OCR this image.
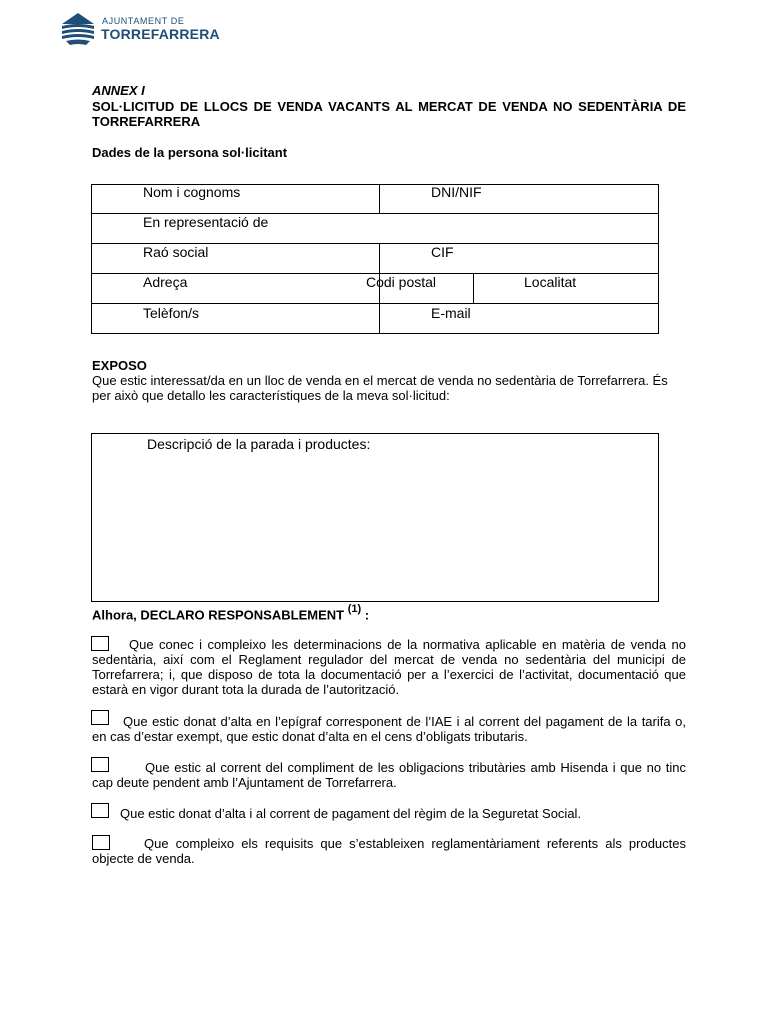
AJUNTAMENT DE
TORREFARRERA
ANNEX I
SOL·LICITUD DE LLOCS DE VENDA VACANTS AL MERCAT DE VENDA NO SEDENTÀRIA DE TORREFARRERA
Dades de la persona sol·licitant
Nom i cognoms	DNI/NIF
En representació de
Raó social	CIF
Adreça	Codi postal	Localitat
Telèfon/s	E-mail
EXPOSO
Que estic interessat/da en un lloc de venda en el mercat de venda no sedentària de Torrefarrera. És per això que detallo les característiques de la meva sol·licitud:
Descripció de la parada i productes:
Alhora, DECLARO RESPONSABLEMENT $^{(1)}$ :
Que conec i compleixo les determinacions de la normativa aplicable en matèria de venda no sedentària, així com el Reglament regulador del mercat de venda no sedentària del municipi de Torrefarrera; i, que disposo de tota la documentació per a l’exercici de l’activitat, documentació que estarà en vigor durant tota la durada de l’autorització.
Que estic donat d’alta en l’epígraf corresponent de l’IAE i al corrent del pagament de la tarifa o, en cas d’estar exempt, que estic donat d’alta en el cens d’obligats tributaris.
Que estic al corrent del compliment de les obligacions tributàries amb Hisenda i que no tinc cap deute pendent amb l’Ajuntament de Torrefarrera.
Que estic donat d’alta i al corrent de pagament del règim de la Seguretat Social.
Que compleixo els requisits que s’estableixen reglamentàriament referents als productes objecte de venda.
